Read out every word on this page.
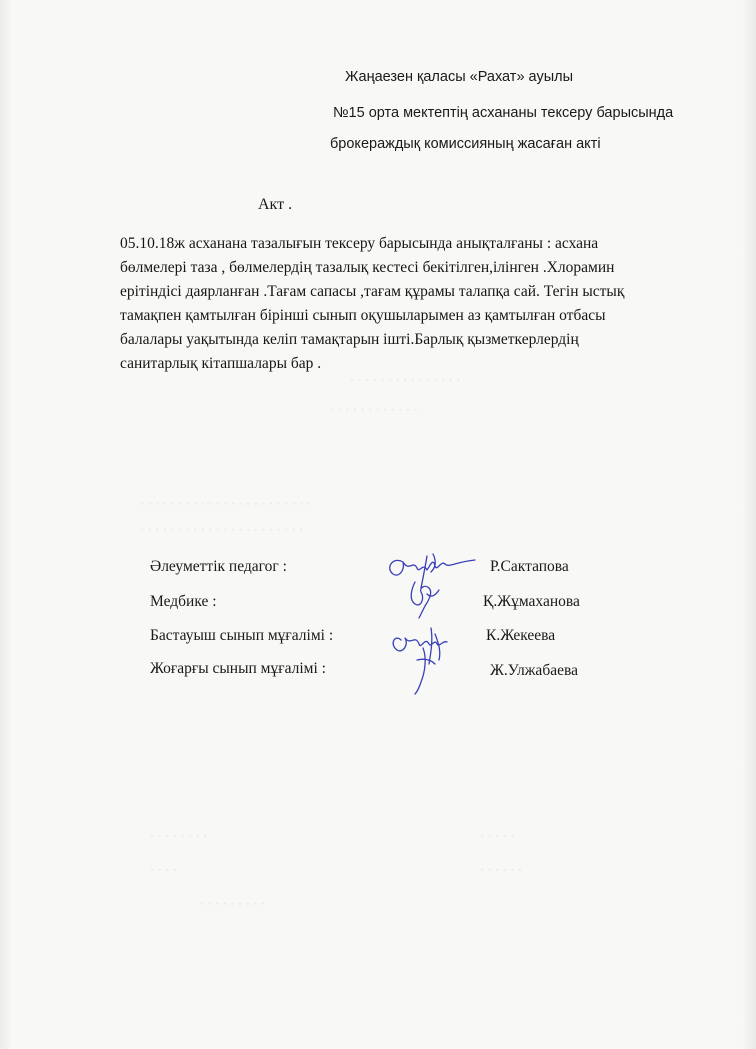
· · · · · · · · · · · · · · ·
· · · · · · · · · · · ·
· · · · · · · · · · · · · · · · · · · · · · ·
· · · · · · · · · · · · · · · · · · · · · ·
· · · · · · · ·	· · · · ·
· · · ·	· · · · · ·
· · · · · · · · ·
Жаңаезен қаласы «Рахат» ауылы
№15 орта мектептің асхананы тексеру барысында
брокераждық комиссияның жасаған акті
Акт .
05.10.18ж асханана тазалығын тексеру барысында анықталғаны : асхана
бөлмелері таза , бөлмелердің тазалық кестесі бекітілген,ілінген .Хлорамин
ерітіндісі даярланған .Тағам сапасы ,тағам құрамы талапқа сай. Тегін ыстық
тамақпен қамтылған бірінші сынып оқушыларымен аз қамтылған отбасы
балалары уақытында келіп тамақтарын ішті.Барлық қызметкерлердің
санитарлық кітапшалары бар .
Әлеуметтік педагог :	Р.Сактапова
Медбике :	Қ.Жұмаханова
Бастауыш сынып мұғалімі :	К.Жекеева
Жоғарғы сынып мұғалімі :	Ж.Улжабаева
